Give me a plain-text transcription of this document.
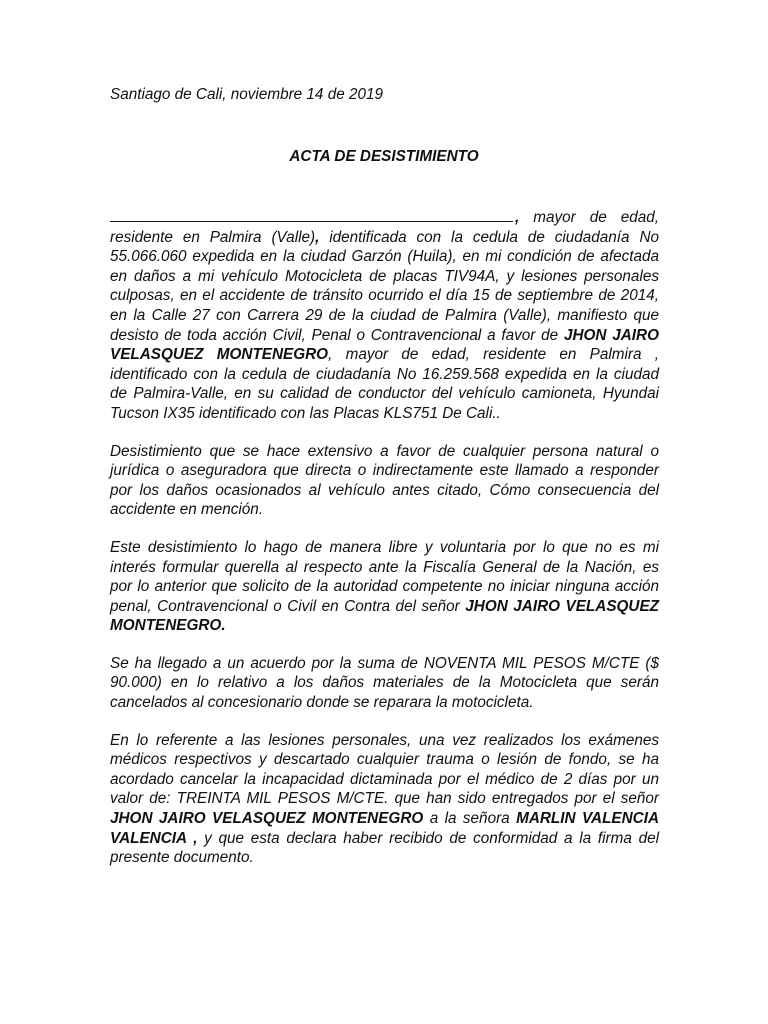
Santiago de Cali, noviembre 14 de 2019
ACTA DE DESISTIMIENTO

, mayor de edad, residente en Palmira (Valle), identificada con la cedula de ciudadanía No 55.066.060 expedida en la ciudad Garzón (Huila), en mi condición de afectada en daños a mi vehículo Motocicleta de placas TIV94A, y lesiones personales culposas, en el accidente de tránsito ocurrido el día 15 de septiembre de 2014, en la Calle 27 con Carrera 29 de la ciudad de Palmira (Valle), manifiesto que desisto de toda acción Civil, Penal o Contravencional a favor de JHON JAIRO VELASQUEZ MONTENEGRO, mayor de edad, residente en Palmira , identificado con la cedula de ciudadanía No 16.259.568 expedida en la ciudad de Palmira-Valle, en su calidad de conductor del vehículo camioneta, Hyundai Tucson IX35 identificado con las Placas KLS751 De Cali..

Desistimiento que se hace extensivo a favor de cualquier persona natural o jurídica o aseguradora que directa o indirectamente este llamado a responder por los daños ocasionados al vehículo antes citado, Cómo consecuencia del accidente en mención.

Este desistimiento lo hago de manera libre y voluntaria por lo que no es mi interés formular querella al respecto ante la Fiscalía General de la Nación, es por lo anterior que solicito de la autoridad competente no iniciar ninguna acción penal, Contravencional o Civil en Contra del señor JHON JAIRO VELASQUEZ MONTENEGRO.

Se ha llegado a un acuerdo por la suma de NOVENTA MIL PESOS M/CTE ($ 90.000) en lo relativo a los daños materiales de la Motocicleta que serán cancelados al concesionario donde se reparara la motocicleta.

En lo referente a las lesiones personales, una vez realizados los exámenes médicos respectivos y descartado cualquier trauma o lesión de fondo, se ha acordado cancelar la incapacidad dictaminada por el médico de 2 días por un valor de: TREINTA MIL PESOS M/CTE. que han sido entregados por el señor JHON JAIRO VELASQUEZ MONTENEGRO a la señora MARLIN VALENCIA VALENCIA , y que esta declara haber recibido de conformidad a la firma del presente documento.
